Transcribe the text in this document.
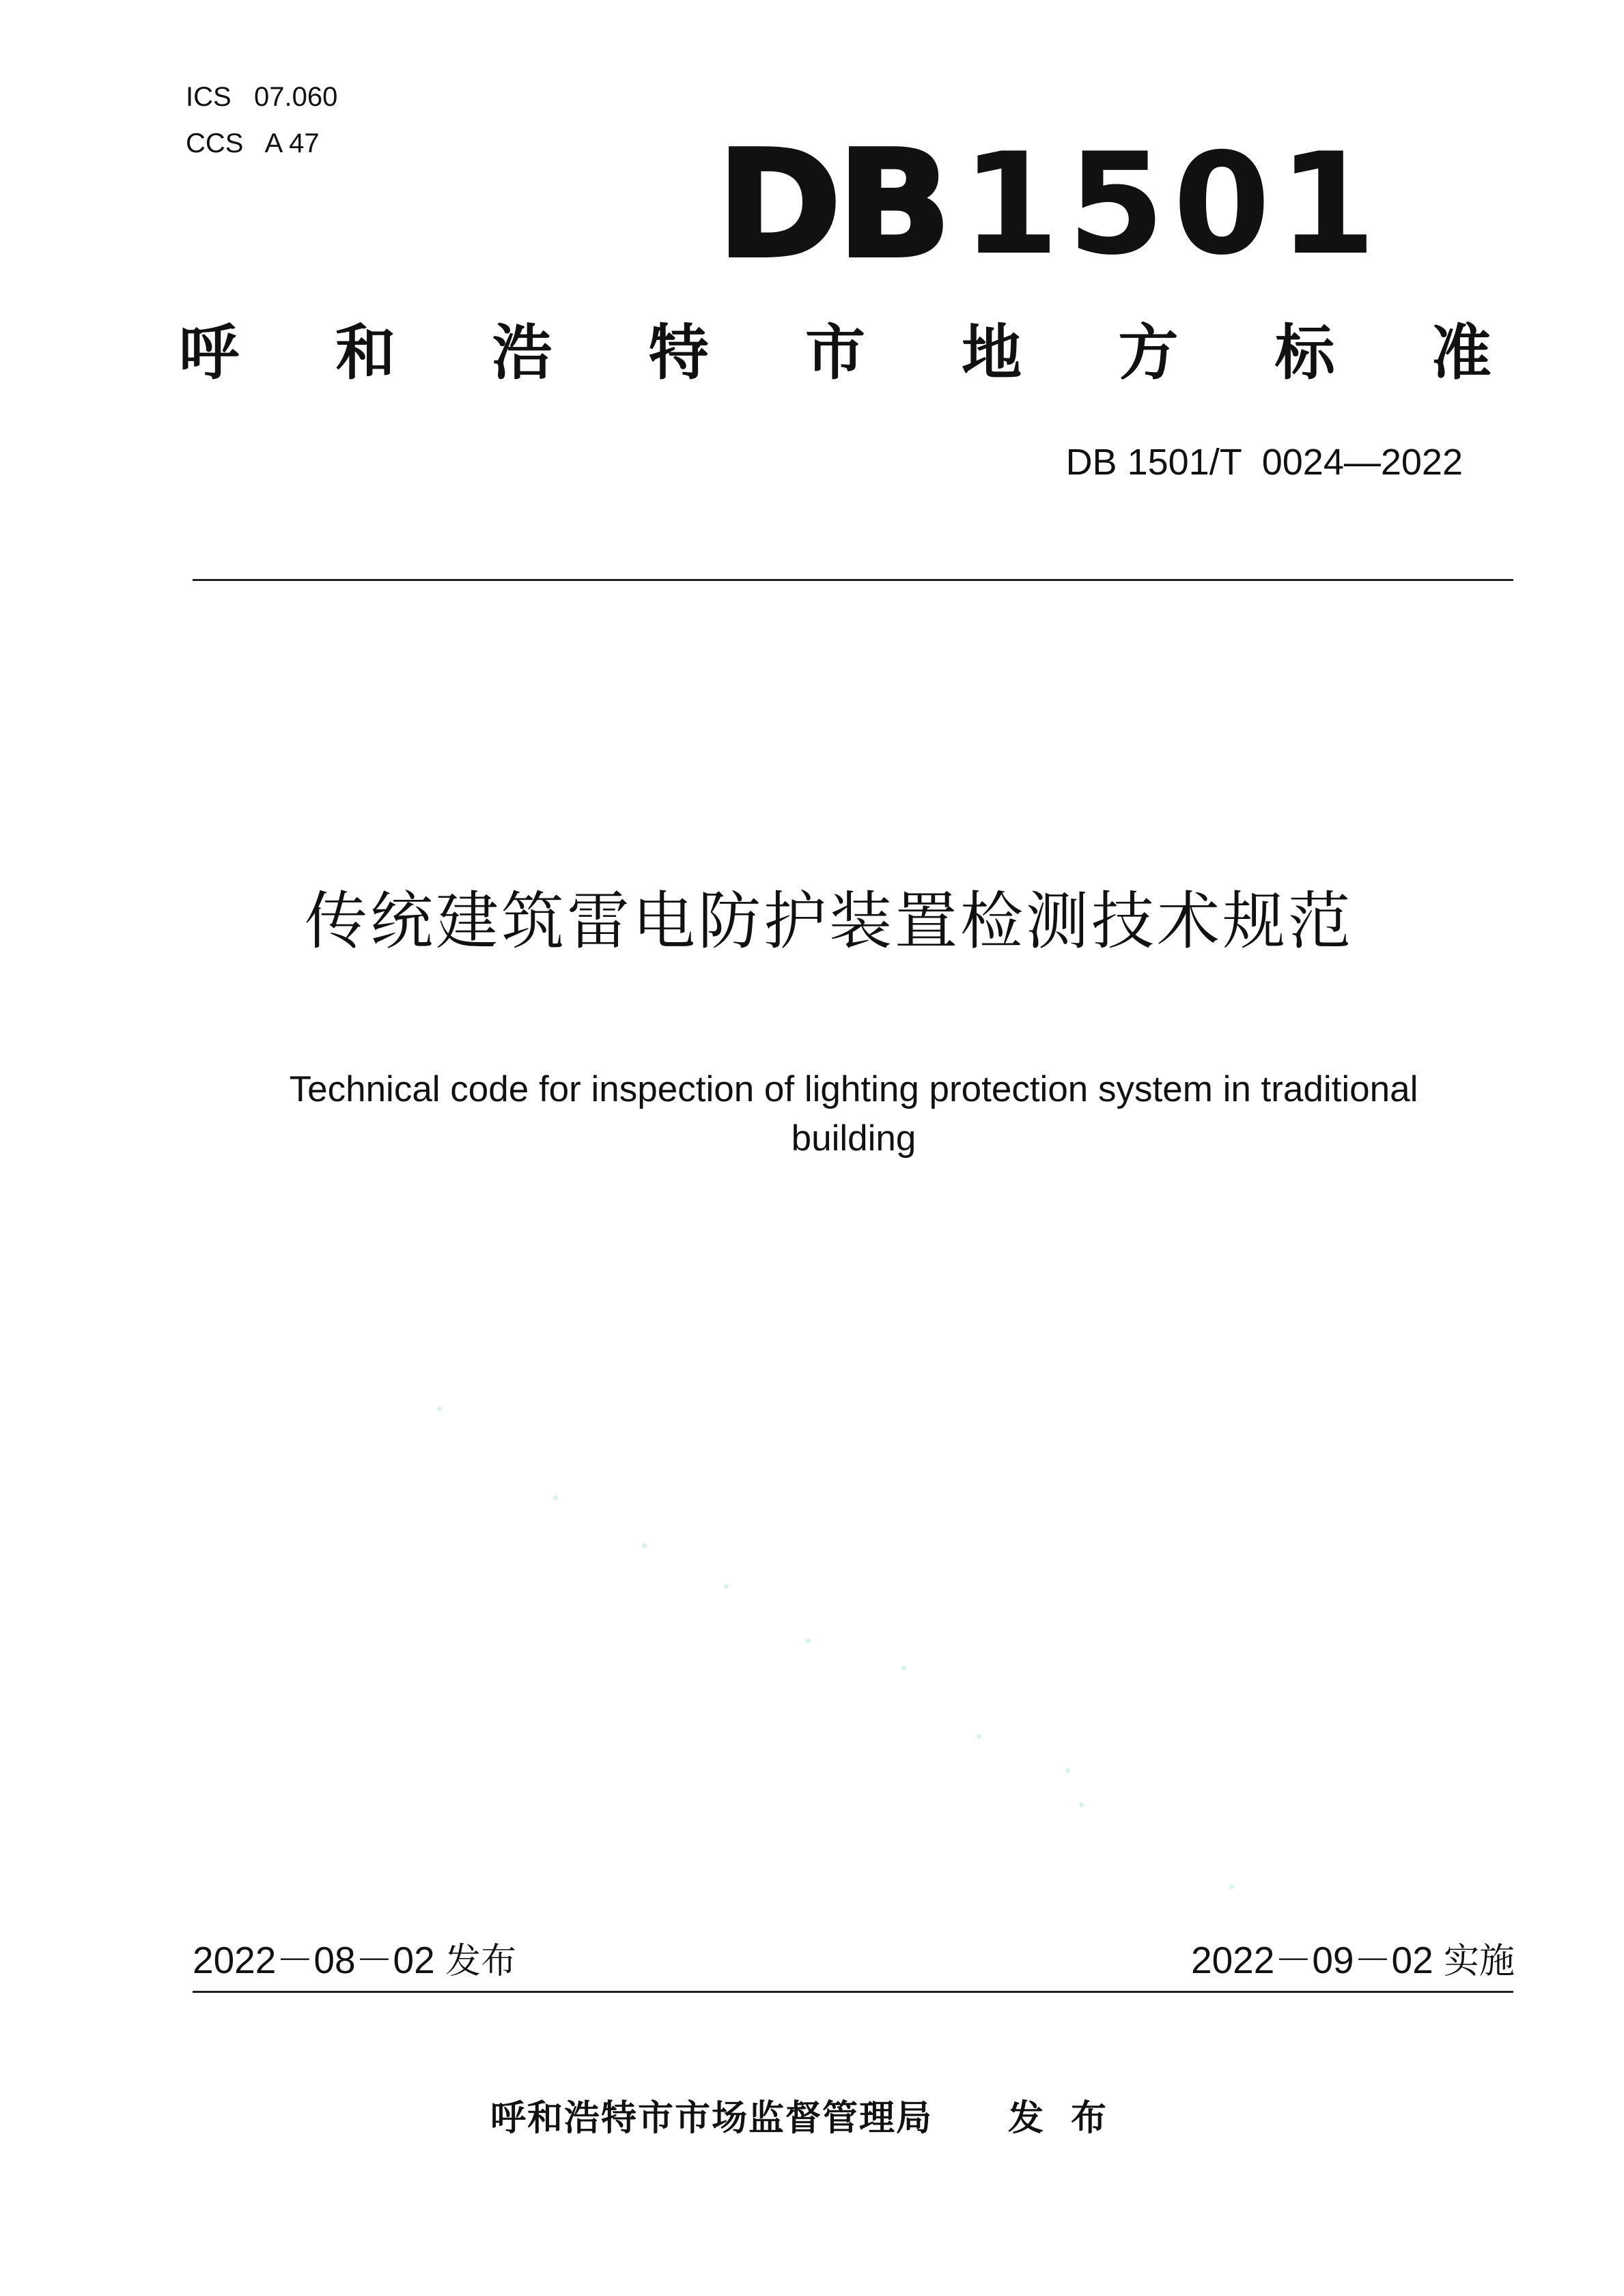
ICS   07.060
CCS   A 47	DB 1501
呼 和 浩 特 市 地 方 标 准
DB 1501/T  0024—2022
传统建筑雷电防护装置检测技术规范
Technical code for inspection of lighting protection system in traditional building
2022－08－02 发布	2022－09－02 实施
呼和浩特市市场监督管理局 发布
